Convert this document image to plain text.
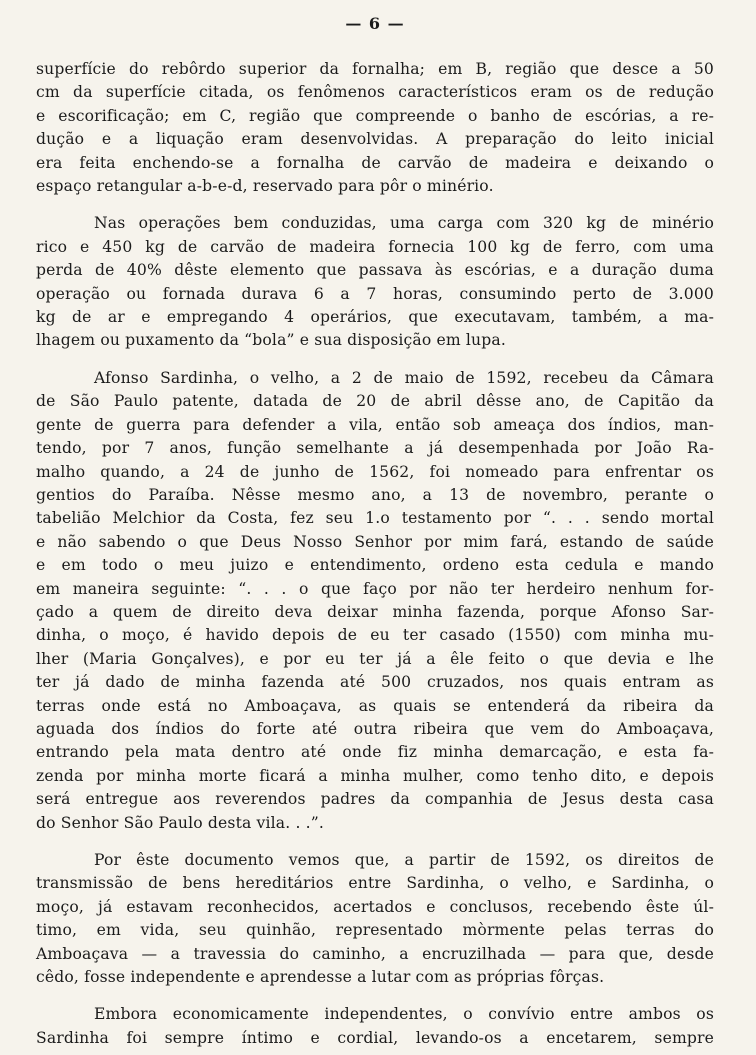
— 6 —
superfície do rebôrdo superior da fornalha; em B, região que desce a 50
cm da superfície citada, os fenômenos característicos eram os de redução
e escorificação; em C, região que compreende o banho de escórias, a re-
dução e a liquação eram desenvolvidas. A preparação do leito inicial
era feita enchendo-se a fornalha de carvão de madeira e deixando o
espaço retangular a-b-e-d, reservado para pôr o minério.
Nas operações bem conduzidas, uma carga com 320 kg de minério
rico e 450 kg de carvão de madeira fornecia 100 kg de ferro, com uma
perda de 40% dêste elemento que passava às escórias, e a duração duma
operação ou fornada durava 6 a 7 horas, consumindo perto de 3.000
kg de ar e empregando 4 operários, que executavam, também, a ma-
lhagem ou puxamento da “bola” e sua disposição em lupa.
Afonso Sardinha, o velho, a 2 de maio de 1592, recebeu da Câmara
de São Paulo patente, datada de 20 de abril dêsse ano, de Capitão da
gente de guerra para defender a vila, então sob ameaça dos índios, man-
tendo, por 7 anos, função semelhante a já desempenhada por João Ra-
malho quando, a 24 de junho de 1562, foi nomeado para enfrentar os
gentios do Paraíba. Nêsse mesmo ano, a 13 de novembro, perante o
tabelião Melchior da Costa, fez seu 1.o testamento por “. . . sendo mortal
e não sabendo o que Deus Nosso Senhor por mim fará, estando de saúde
e em todo o meu juizo e entendimento, ordeno esta cedula e mando
em maneira seguinte: “. . . o que faço por não ter herdeiro nenhum for-
çado a quem de direito deva deixar minha fazenda, porque Afonso Sar-
dinha, o moço, é havido depois de eu ter casado (1550) com minha mu-
lher (Maria Gonçalves), e por eu ter já a êle feito o que devia e lhe
ter já dado de minha fazenda até 500 cruzados, nos quais entram as
terras onde está no Amboaçava, as quais se entenderá da ribeira da
aguada dos índios do forte até outra ribeira que vem do Amboaçava,
entrando pela mata dentro até onde fiz minha demarcação, e esta fa-
zenda por minha morte ficará a minha mulher, como tenho dito, e depois
será entregue aos reverendos padres da companhia de Jesus desta casa
do Senhor São Paulo desta vila. . .”.
Por êste documento vemos que, a partir de 1592, os direitos de
transmissão de bens hereditários entre Sardinha, o velho, e Sardinha, o
moço, já estavam reconhecidos, acertados e conclusos, recebendo êste úl-
timo, em vida, seu quinhão, representado mòrmente pelas terras do
Amboaçava — a travessia do caminho, a encruzilhada — para que, desde
cêdo, fosse independente e aprendesse a lutar com as próprias fôrças.
Embora economicamente independentes, o convívio entre ambos os
Sardinha foi sempre íntimo e cordial, levando-os a encetarem, sempre
